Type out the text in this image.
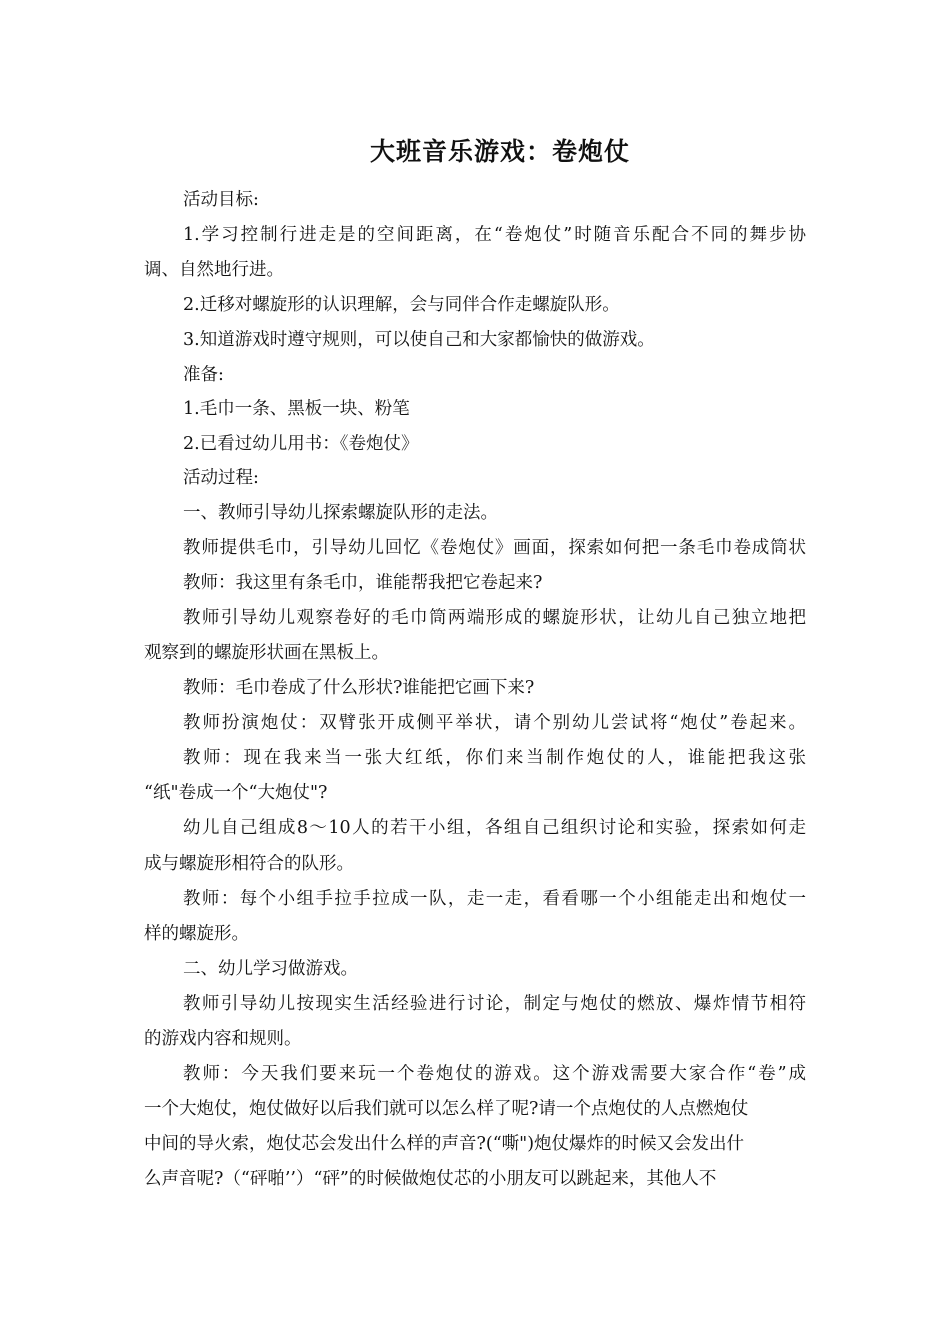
大班音乐游戏：卷炮仗
活动目标:
1.学习控制行进走是的空间距离，在“卷炮仗”时随音乐配合不同的舞步协
调、自然地行进。
2.迁移对螺旋形的认识理解，会与同伴合作走螺旋队形。
3.知道游戏时遵守规则，可以使自己和大家都愉快的做游戏。
准备:
1.毛巾一条、黑板一块、粉笔
2.已看过幼儿用书：《卷炮仗》
活动过程:
一、教师引导幼儿探索螺旋队形的走法。
教师提供毛巾，引导幼儿回忆《卷炮仗》画面，探索如何把一条毛巾卷成筒状
教师：我这里有条毛巾，谁能帮我把它卷起来?
教师引导幼儿观察卷好的毛巾筒两端形成的螺旋形状，让幼儿自己独立地把
观察到的螺旋形状画在黑板上。
教师：毛巾卷成了什么形状?谁能把它画下来?
教师扮演炮仗：双臂张开成侧平举状，请个别幼儿尝试将“炮仗”卷起来。
教师：现在我来当一张大红纸，你们来当制作炮仗的人，谁能把我这张
“纸"卷成一个“大炮仗"?
幼儿自己组成8～10人的若干小组，各组自己组织讨论和实验，探索如何走
成与螺旋形相符合的队形。
教师：每个小组手拉手拉成一队，走一走，看看哪一个小组能走出和炮仗一
样的螺旋形。
二、幼儿学习做游戏。
教师引导幼儿按现实生活经验进行讨论，制定与炮仗的燃放、爆炸情节相符
的游戏内容和规则。
教师：今天我们要来玩一个卷炮仗的游戏。这个游戏需要大家合作“卷”成
一个大炮仗，炮仗做好以后我们就可以怎么样了呢?请一个点炮仗的人点燃炮仗
中间的导火索，炮仗芯会发出什么样的声音?(“嘶")炮仗爆炸的时候又会发出什
么声音呢?（“砰啪’’）“砰”的时候做炮仗芯的小朋友可以跳起来，其他人不
